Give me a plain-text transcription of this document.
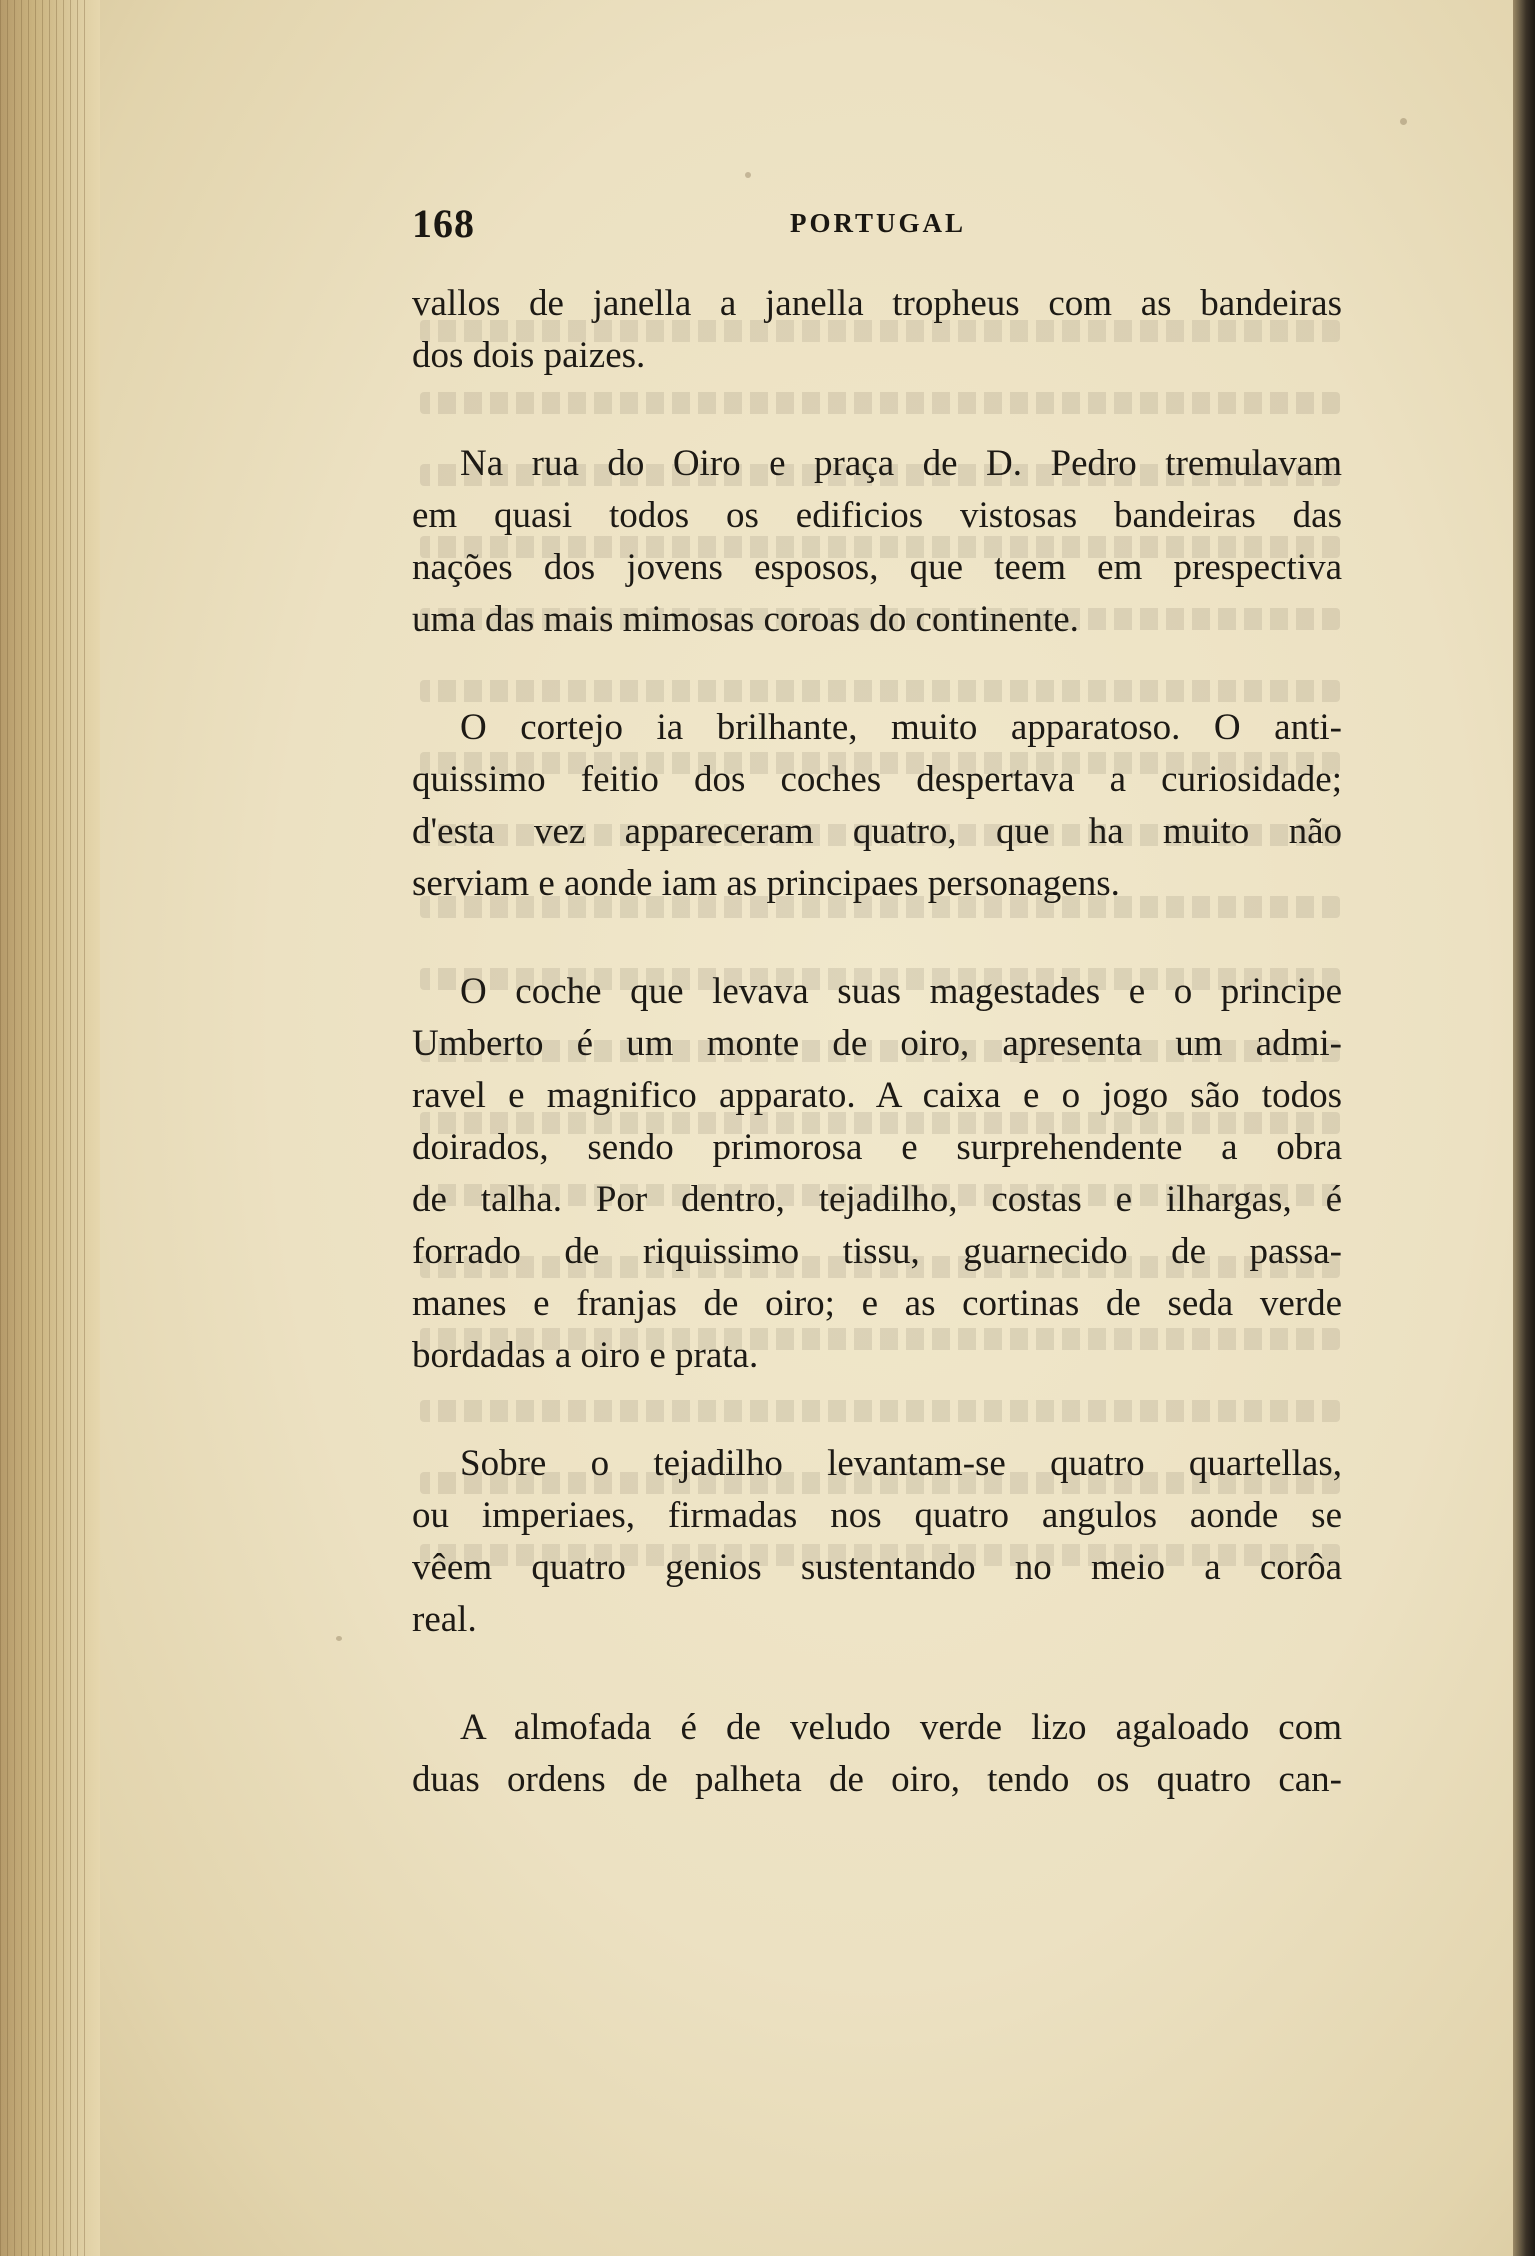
168	PORTUGAL
vallos de janella a janella tropheus com as bandeiras
dos dois paizes.
Na rua do Oiro e praça de D. Pedro tremulavam
em quasi todos os edificios vistosas bandeiras das
nações dos jovens esposos, que teem em prespectiva
uma das mais mimosas coroas do continente.
O cortejo ia brilhante, muito apparatoso. O anti-
quissimo feitio dos coches despertava a curiosidade;
d'esta vez appareceram quatro, que ha muito não
serviam e aonde iam as principaes personagens.
O coche que levava suas magestades e o principe
Umberto é um monte de oiro, apresenta um admi-
ravel e magnifico apparato. A caixa e o jogo são todos
doirados, sendo primorosa e surprehendente a obra
de talha. Por dentro, tejadilho, costas e ilhargas, é
forrado de riquissimo tissu, guarnecido de passa-
manes e franjas de oiro; e as cortinas de seda verde
bordadas a oiro e prata.
Sobre o tejadilho levantam-se quatro quartellas,
ou imperiaes, firmadas nos quatro angulos aonde se
vêem quatro genios sustentando no meio a corôa
real.
A almofada é de veludo verde lizo agaloado com
duas ordens de palheta de oiro, tendo os quatro can-
